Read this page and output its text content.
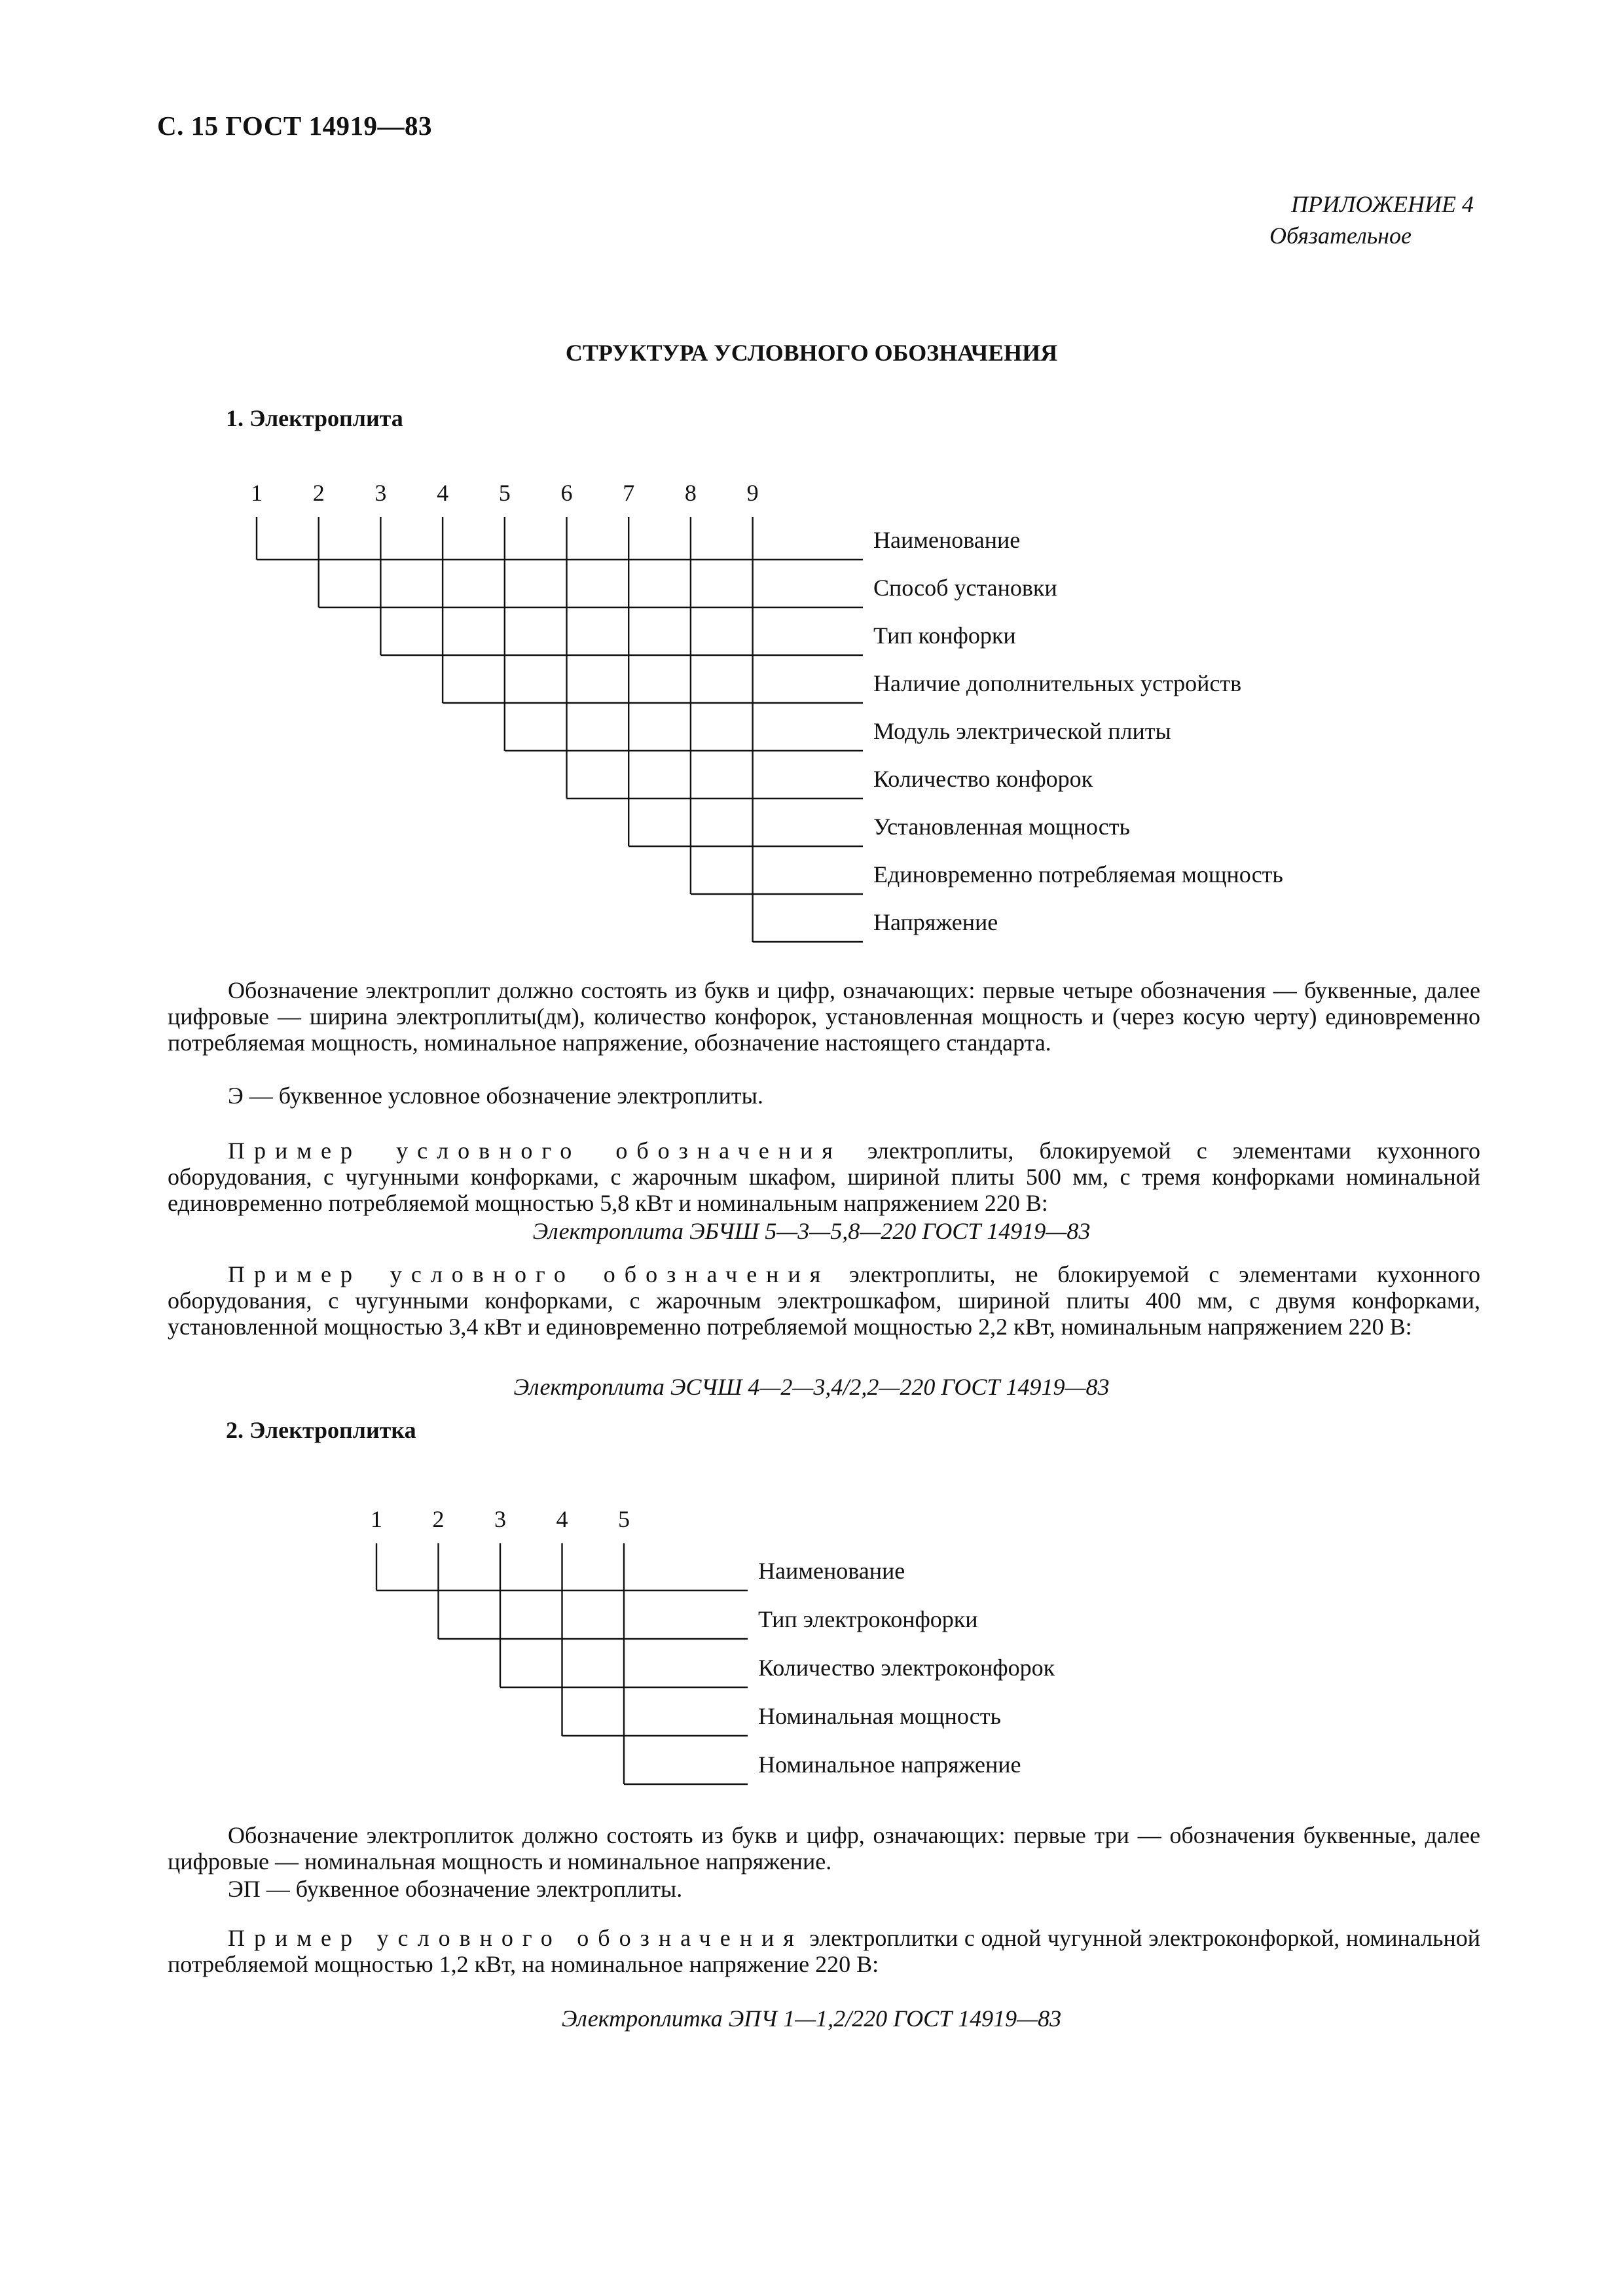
С. 15 ГОСТ 14919—83
ПРИЛОЖЕНИЕ 4
Обязательное
СТРУКТУРА УСЛОВНОГО ОБОЗНАЧЕНИЯ
1. Электроплита
1 2 3 4 5 6 7 8 9
Наименование
Способ установки
Тип конфорки
Наличие дополнительных устройств
Модуль электрической плиты
Количество конфорок
Установленная мощность
Единовременно потребляемая мощность
Напряжение
Обозначение электроплит должно состоять из букв и цифр, означающих: первые четыре обозначения — буквенные, далее цифровые — ширина электроплиты(дм), количество конфорок, установленная мощность и (через косую черту) единовременно потребляемая мощность, номинальное напряжение, обозначение настоящего стандарта.
Э — буквенное условное обозначение электроплиты.
Пример условного обозначения электроплиты, блокируемой с элементами кухонного оборудования, с чугунными конфорками, с жарочным шкафом, шириной плиты 500 мм, с тремя конфорками номинальной единовременно потребляемой мощностью 5,8 кВт и номинальным напряжением 220 В:
Электроплита ЭБЧШ 5—3—5,8—220 ГОСТ 14919—83
Пример условного обозначения электроплиты, не блокируемой с элементами кухонного оборудования, с чугунными конфорками, с жарочным электрошкафом, шириной плиты 400 мм, с двумя конфорками, установленной мощностью 3,4 кВт и единовременно потребляемой мощностью 2,2 кВт, номинальным напряжением 220 В:
Электроплита ЭСЧШ 4—2—3,4/2,2—220 ГОСТ 14919—83
2. Электроплитка
1 2 3 4 5
Наименование
Тип электроконфорки
Количество электроконфорок
Номинальная мощность
Номинальное напряжение
Обозначение электроплиток должно состоять из букв и цифр, означающих: первые три — обозначения буквенные, далее цифровые — номинальная мощность и номинальное напряжение.
ЭП — буквенное обозначение электроплиты.
Пример условного обозначения электроплитки с одной чугунной электроконфоркой, номинальной потребляемой мощностью 1,2 кВт, на номинальное напряжение 220 В:
Электроплитка ЭПЧ 1—1,2/220 ГОСТ 14919—83
